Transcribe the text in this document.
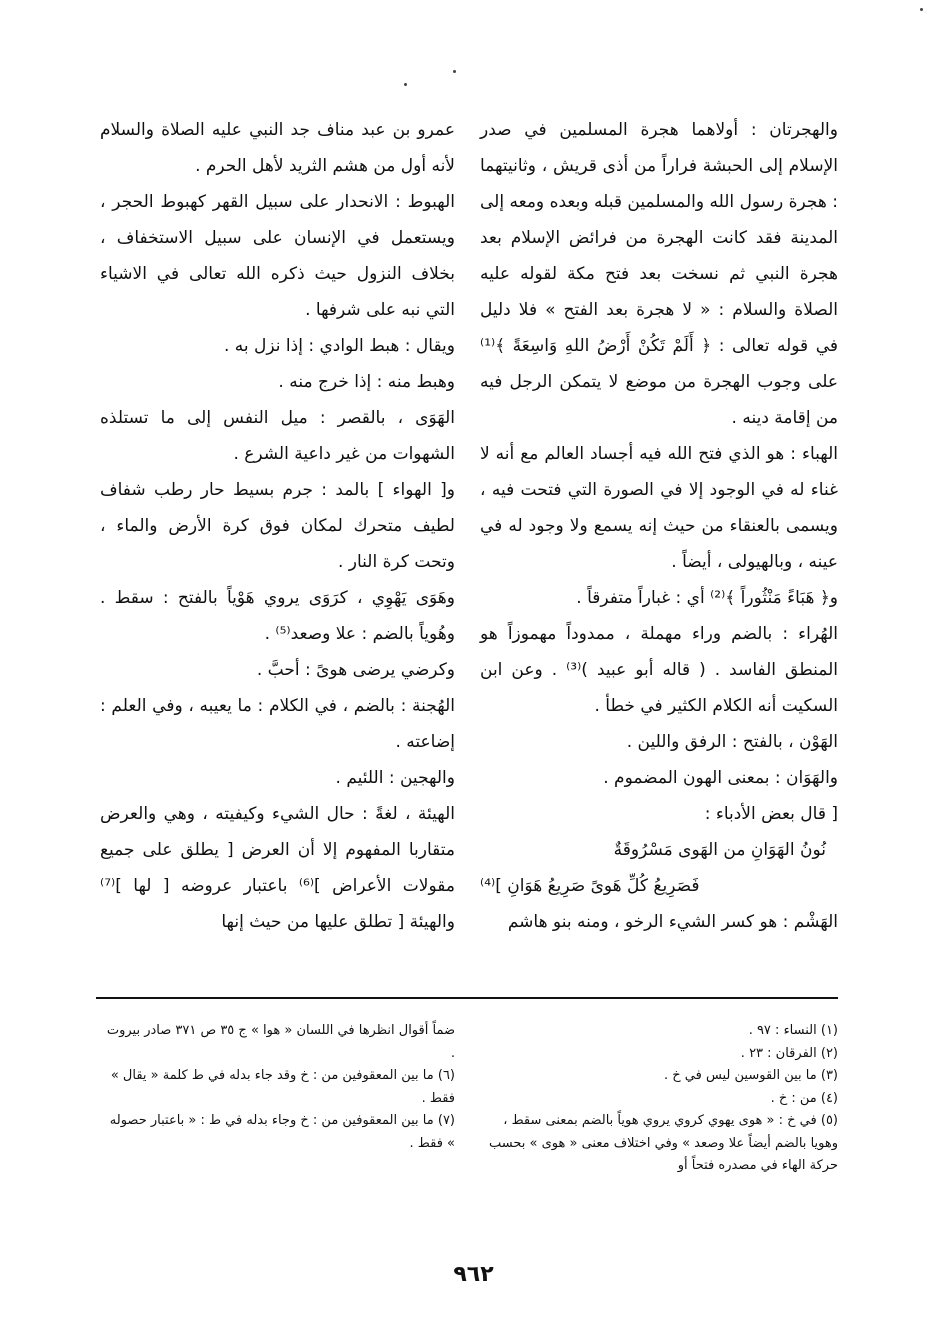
والهجرتان : أولاهما هجرة المسلمين في صدر الإسلام إلى الحبشة فراراً من أذى قريش ، وثانيتهما : هجرة رسول الله والمسلمين قبله وبعده ومعه إلى المدينة فقد كانت الهجرة من فرائض الإسلام بعد هجرة النبي ثم نسخت بعد فتح مكة لقوله عليه الصلاة والسلام : « لا هجرة بعد الفتح » فلا دليل في قوله تعالى : ﴿ أَلَمْ تَكُنْ أَرْضُ اللهِ وَاسِعَةً ﴾⁽¹⁾ على وجوب الهجرة من موضع لا يتمكن الرجل فيه من إقامة دينه .

الهباء : هو الذي فتح الله فيه أجساد العالم مع أنه لا غناء له في الوجود إلا في الصورة التي فتحت فيه ، ويسمى بالعنقاء من حيث إنه يسمع ولا وجود له في عينه ، وبالهيولى ، أيضاً .

و﴿ هَبَاءً مَنْثُوراً ﴾⁽²⁾ أي : غباراً متفرقاً .

الهُراء : بالضم وراء مهملة ، ممدوداً مهموزاً هو المنطق الفاسد . ( قاله أبو عبيد )⁽³⁾ . وعن ابن السكيت أنه الكلام الكثير في خطأ .

الهَوْن ، بالفتح : الرفق واللين .

والهَوَان : بمعنى الهون المضموم .

[ قال بعض الأدباء :

نُونُ الهَوَانِ من الهَوى مَسْرُوقَةٌ

فَصَرِيعُ كُلِّ هَوىً صَرِيعُ هَوَانِ ]⁽⁴⁾

الهَشْم : هو كسر الشيء الرخو ، ومنه بنو هاشم

عمرو بن عبد مناف جد النبي عليه الصلاة والسلام لأنه أول من هشم الثريد لأهل الحرم .

الهبوط : الانحدار على سبيل القهر كهبوط الحجر ، ويستعمل في الإنسان على سبيل الاستخفاف ، بخلاف النزول حيث ذكره الله تعالى في الاشياء التي نبه على شرفها .

ويقال : هبط الوادي : إذا نزل به .

وهبط منه : إذا خرج منه .

الهَوَى ، بالقصر : ميل النفس إلى ما تستلذه الشهوات من غير داعية الشرع .

و[ الهواء ] بالمد : جرم بسيط حار رطب شفاف لطيف متحرك لمكان فوق كرة الأرض والماء ، وتحت كرة النار .

وهَوَى يَهْوِي ، كرَوَى يروي هَوْياً بالفتح : سقط . وهُوياً بالضم : علا وصعد⁽⁵⁾ .

وكرضي يرضى هوىً : أحبَّ .

الهُجنة : بالضم ، في الكلام : ما يعيبه ، وفي العلم : إضاعته .

والهجين : اللئيم .

الهيئة ، لغةً : حال الشيء وكيفيته ، وهي والعرض متقاربا المفهوم إلا أن العرض [ يطلق على جميع مقولات الأعراض ]⁽⁶⁾ باعتبار عروضه [ لها ]⁽⁷⁾ والهيئة [ تطلق عليها من حيث إنها

(١) النساء : ٩٧ .

(٢) الفرقان : ٢٣ .

(٣) ما بين القوسين ليس في خ .

(٤) من : خ .

(٥) في خ : « هوى يهوي كروي يروي هوياً بالضم بمعنى سقط ، وهويا بالضم أيضاً علا وصعد » وفي اختلاف معنى « هوى » بحسب حركة الهاء في مصدره فتحاً أو

ضماً أقوال انظرها في اللسان « هوا » ج ٣٥ ص ٣٧١ صادر بيروت .

(٦) ما بين المعقوفين من : خ وقد جاء بدله في ط كلمة « يقال » فقط .

(٧) ما بين المعقوفين من : خ وجاء بدله في ط : « باعتبار حصوله » فقط .

٩٦٢
